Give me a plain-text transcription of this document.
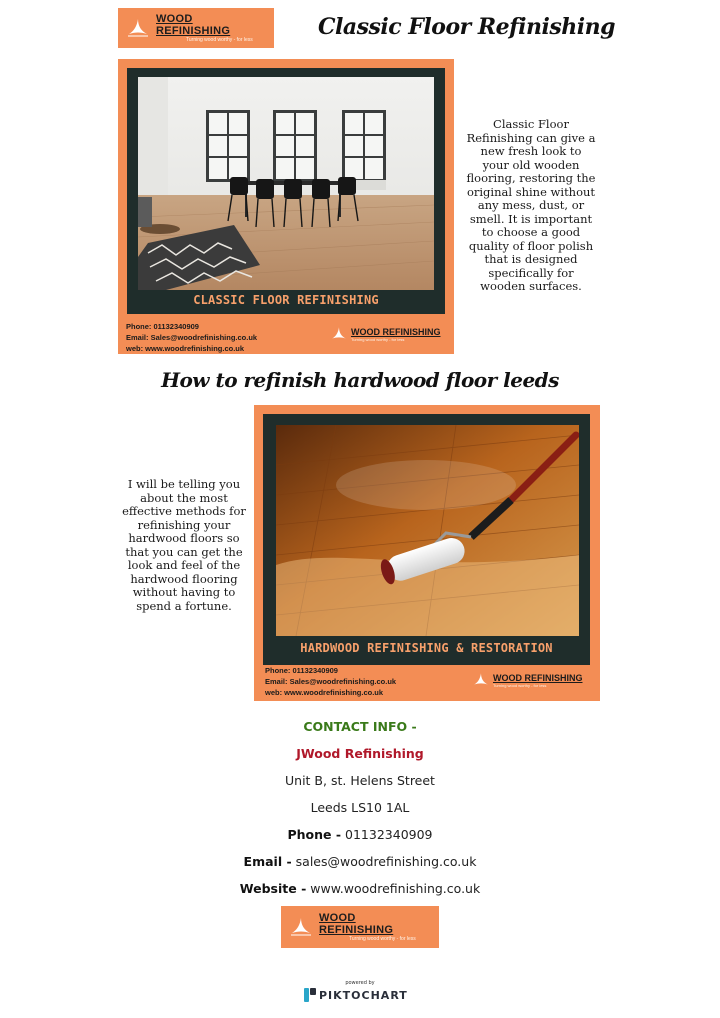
WOOD REFINISHING
Turning wood worthy - for less	Classic Floor Refinishing
CLASSIC FLOOR REFINISHING
Phone: 01132340909
Email: Sales@woodrefinishing.co.uk
web: www.woodrefinishing.co.uk
WOOD REFINISHING
Turning wood worthy - for less
Classic Floor Refinishing can give a new fresh look to your old wooden flooring, restoring the original shine without any mess, dust, or smell. It is important to choose a good quality of floor polish that is designed specifically for wooden surfaces.
How to refinish hardwood floor leeds
I will be telling you about the most effective methods for refinishing your hardwood floors so that you can get the look and feel of the hardwood flooring without having to spend a fortune.
HARDWOOD REFINISHING & RESTORATION
Phone: 01132340909
Email: Sales@woodrefinishing.co.uk
web: www.woodrefinishing.co.uk
WOOD REFINISHING
Turning wood worthy - for less
CONTACT INFO -
JWood Refinishing
Unit B, st. Helens Street
Leeds LS10 1AL
Phone - 01132340909
Email - sales@woodrefinishing.co.uk
Website - www.woodrefinishing.co.uk
WOOD REFINISHING
Turning wood worthy - for less
powered by
PIKTOCHART
